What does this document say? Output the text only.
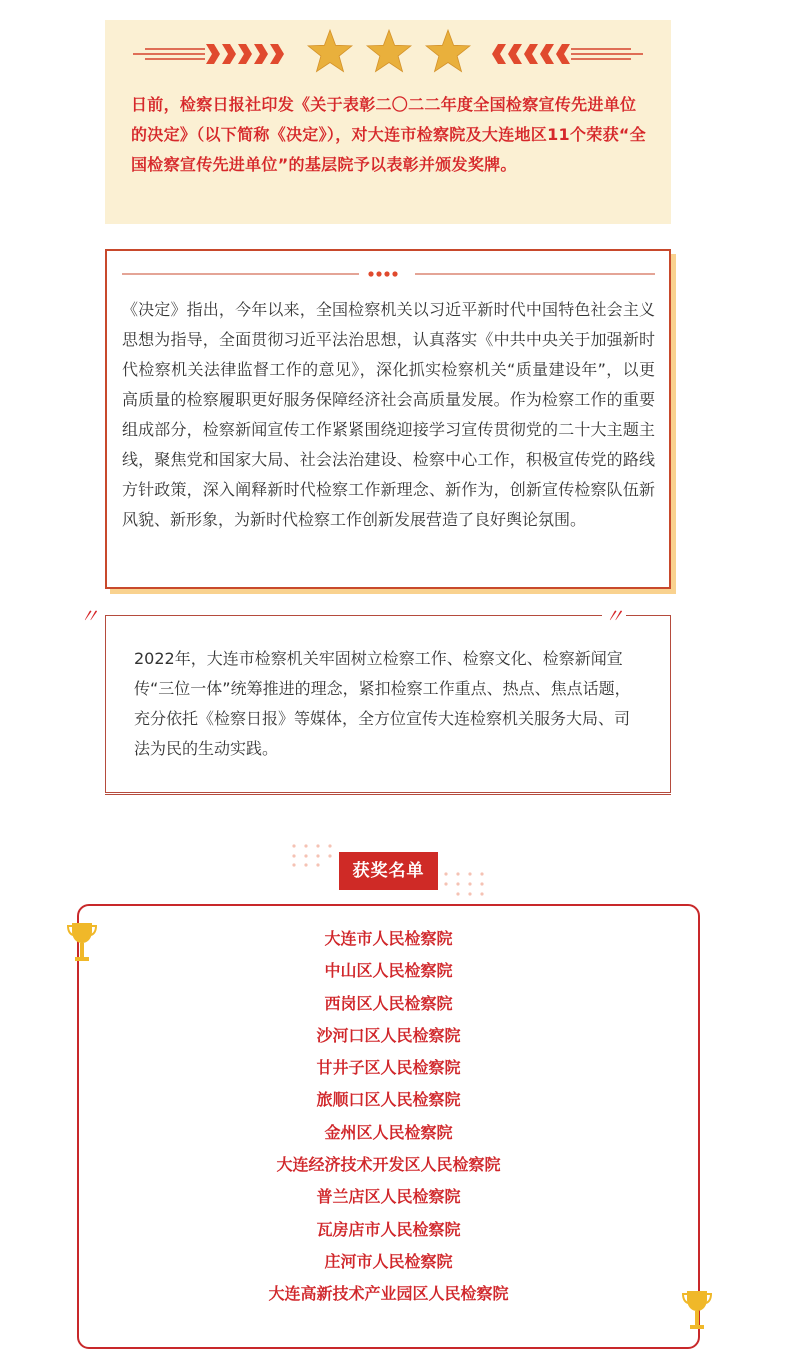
日前，检察日报社印发《关于表彰二〇二二年度全国检察宣传先进单位的决定》（以下简称《决定》），对大连市检察院及大连地区11个荣获“全国检察宣传先进单位”的基层院予以表彰并颁发奖牌。

《决定》指出，今年以来，全国检察机关以习近平新时代中国特色社会主义思想为指导，全面贯彻习近平法治思想，认真落实《中共中央关于加强新时代检察机关法律监督工作的意见》，深化抓实检察机关“质量建设年”，以更高质量的检察履职更好服务保障经济社会高质量发展。作为检察工作的重要组成部分，检察新闻宣传工作紧紧围绕迎接学习宣传贯彻党的二十大主题主线，聚焦党和国家大局、社会法治建设、检察中心工作，积极宣传党的路线方针政策，深入阐释新时代检察工作新理念、新作为，创新宣传检察队伍新风貌、新形象，为新时代检察工作创新发展营造了良好舆论氛围。

2022年，大连市检察机关牢固树立检察工作、检察文化、检察新闻宣传“三位一体”统筹推进的理念，紧扣检察工作重点、热点、焦点话题，充分依托《检察日报》等媒体，全方位宣传大连检察机关服务大局、司法为民的生动实践。

〃	〃
大连市人民检察院
中山区人民检察院
西岗区人民检察院
沙河口区人民检察院
甘井子区人民检察院
旅顺口区人民检察院
金州区人民检察院
大连经济技术开发区人民检察院
普兰店区人民检察院
瓦房店市人民检察院
庄河市人民检察院
大连高新技术产业园区人民检察院
获奖名单
